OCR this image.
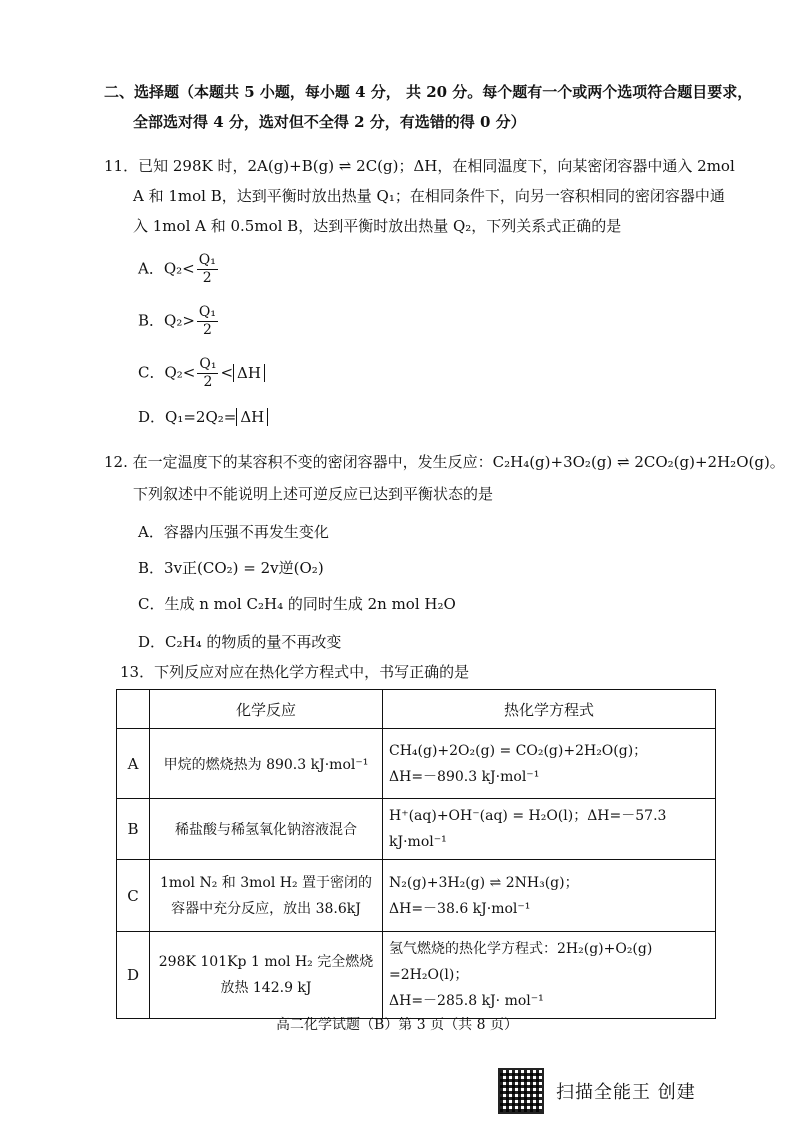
二、选择题（本题共 5 小题，每小题 4 分， 共 20 分。每个题有一个或两个选项符合题目要求，
全部选对得 4 分，选对但不全得 2 分，有选错的得 0 分）
11．已知 298K 时，2A(g)+B(g) ⇌ 2C(g)；ΔH，在相同温度下，向某密闭容器中通入 2mol
A 和 1mol B，达到平衡时放出热量 Q₁；在相同条件下，向另一容积相同的密闭容器中通
入 1mol A 和 0.5mol B，达到平衡时放出热量 Q₂，下列关系式正确的是
A．$Q_2< \frac{\text{Q₁}}{2}$
B．$Q_2> \frac{\text{Q₁}}{2}$
C．$Q_2< \frac{\text{Q₁}}{2} < \Delta H$
D．Q₁=2Q₂= ΔH
12. 在一定温度下的某容积不变的密闭容器中，发生反应：C₂H₄(g)+3O₂(g) ⇌ 2CO₂(g)+2H₂O(g)。
下列叙述中不能说明上述可逆反应已达到平衡状态的是
A．容器内压强不再发生变化
B．3v正(CO₂) = 2v逆(O₂)
C．生成 n mol C₂H₄ 的同时生成 2n mol H₂O
D．C₂H₄ 的物质的量不再改变
13．下列反应对应在热化学方程式中，书写正确的是
	化学反应	热化学方程式
A	甲烷的燃烧热为 890.3 kJ·mol⁻¹	CH₄(g)+2O₂(g) = CO₂(g)+2H₂O(g)；
ΔH=－890.3 kJ·mol⁻¹

B	稀盐酸与稀氢氧化钠溶液混合	H⁺(aq)+OH⁻(aq) = H₂O(l)；ΔH=－57.3 kJ·mol⁻¹

C	1mol N₂ 和 3mol H₂ 置于密闭的
容器中充分反应，放出 38.6kJ	N₂(g)+3H₂(g) ⇌ 2NH₃(g)；
ΔH=－38.6 kJ·mol⁻¹

D	298K 101Kp 1 mol H₂ 完全燃烧
放热 142.9 kJ	氢气燃烧的热化学方程式：2H₂(g)+O₂(g) =2H₂O(l)；
ΔH=－285.8 kJ· mol⁻¹
高二化学试题（B）第 3 页（共 8 页）
扫描全能王 创建
